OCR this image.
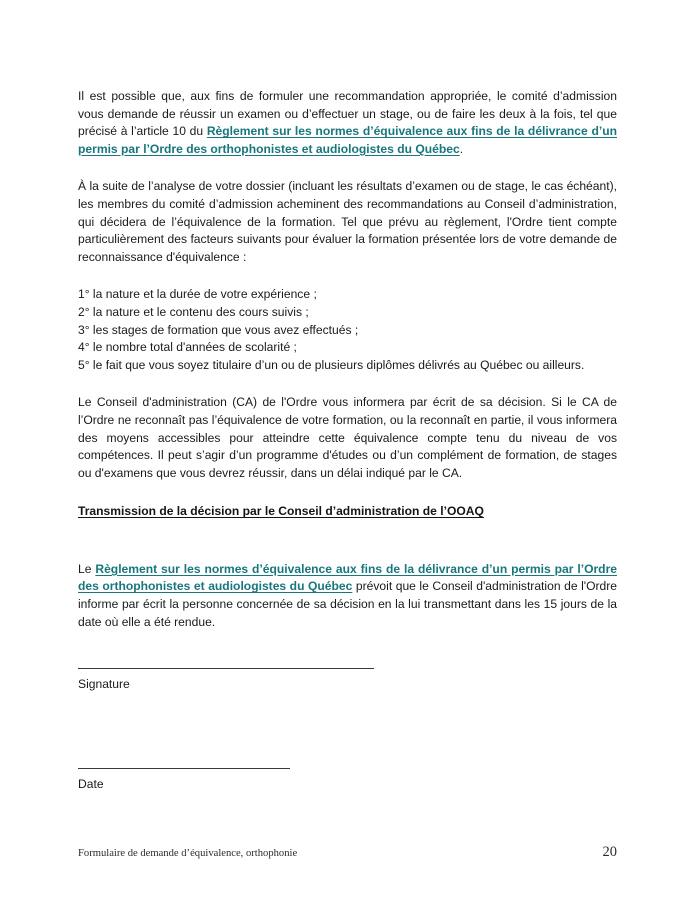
Il est possible que, aux fins de formuler une recommandation appropriée, le comité d’admission vous demande de réussir un examen ou d’effectuer un stage, ou de faire les deux à la fois, tel que précisé à l’article 10 du Règlement sur les normes d’équivalence aux fins de la délivrance d’un permis par l’Ordre des orthophonistes et audiologistes du Québec.

À la suite de l’analyse de votre dossier (incluant les résultats d’examen ou de stage, le cas échéant), les membres du comité d’admission acheminent des recommandations au Conseil d’administration, qui décidera de l’équivalence de la formation. Tel que prévu au règlement, l'Ordre tient compte particulièrement des facteurs suivants pour évaluer la formation présentée lors de votre demande de reconnaissance d'équivalence :

1° la nature et la durée de votre expérience ;
2° la nature et le contenu des cours suivis ;
3° les stages de formation que vous avez effectués ;
4° le nombre total d'années de scolarité ;
5° le fait que vous soyez titulaire d’un ou de plusieurs diplômes délivrés au Québec ou ailleurs.

Le Conseil d'administration (CA) de l'Ordre vous informera par écrit de sa décision. Si le CA de l’Ordre ne reconnaît pas l’équivalence de votre formation, ou la reconnaît en partie, il vous informera des moyens accessibles pour atteindre cette équivalence compte tenu du niveau de vos compétences. Il peut s’agir d’un programme d'études ou d’un complément de formation, de stages ou d'examens que vous devrez réussir, dans un délai indiqué par le CA.

Transmission de la décision par le Conseil d’administration de l’OOAQ

Le Règlement sur les normes d’équivalence aux fins de la délivrance d’un permis par l’Ordre des orthophonistes et audiologistes du Québec prévoit que le Conseil d'administration de l'Ordre informe par écrit la personne concernée de sa décision en la lui transmettant dans les 15 jours de la date où elle a été rendue.

Signature
Date
Formulaire de demande d’équivalence, orthophonie	20
